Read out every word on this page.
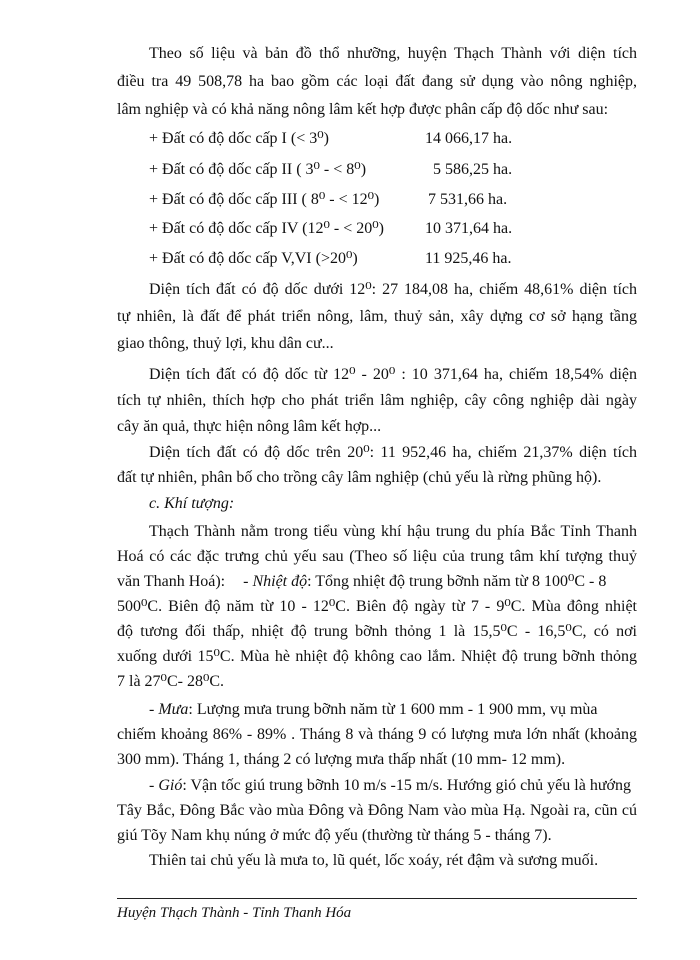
Theo số liệu và bản đồ thổ nhưỡng, huyện Thạch Thành với diện tích
điều tra 49 508,78 ha bao gồm các loại đất đang sử dụng vào nông nghiệp,
lâm nghiệp và có khả năng nông lâm kết hợp được phân cấp độ dốc như sau:
+ Đất có độ dốc cấp I (< 3⁰)	14 066,17 ha.
+ Đất có độ dốc cấp II ( 3⁰ - < 8⁰)	5 586,25 ha.
+ Đất có độ dốc cấp III ( 8⁰ - < 12⁰)	7 531,66 ha.
+ Đất có độ dốc cấp IV (12⁰ - < 20⁰)	10 371,64 ha.
+ Đất có độ dốc cấp V,VI (>20⁰)	11 925,46 ha.
Diện tích đất có độ dốc dưới 12⁰: 27 184,08 ha, chiếm 48,61% diện tích
tự nhiên, là đất để phát triển nông, lâm, thuỷ sản, xây dựng cơ sở hạng tầng
giao thông, thuỷ lợi, khu dân cư...
Diện tích đất có độ dốc từ 12⁰ - 20⁰ : 10 371,64 ha, chiếm 18,54% diện
tích tự nhiên, thích hợp cho phát triển lâm nghiệp, cây công nghiệp dài ngày
cây ăn quả, thực hiện nông lâm kết hợp...
Diện tích đất có độ dốc trên 20⁰: 11 952,46 ha, chiếm 21,37% diện tích
đất tự nhiên, phân bố cho trồng cây lâm nghiệp (chủ yếu là rừng phũng hộ).
c. Khí tượng:
Thạch Thành nằm trong tiểu vùng khí hậu trung du phía Bắc Tỉnh Thanh
Hoá có các đặc trưng chủ yếu sau (Theo số liệu của trung tâm khí tượng thuỷ
văn Thanh Hoá): - Nhiệt độ: Tổng nhiệt độ trung bỡnh năm từ 8 100⁰C - 8
500⁰C. Biên độ năm từ 10 - 12⁰C. Biên độ ngày từ 7 - 9⁰C. Mùa đông nhiệt
độ tương đối thấp, nhiệt độ trung bỡnh thỏng 1 là 15,5⁰C - 16,5⁰C, có nơi
xuống dưới 15⁰C. Mùa hè nhiệt độ không cao lắm. Nhiệt độ trung bỡnh thỏng
7 là 27⁰C- 28⁰C.
- Mưa: Lượng mưa trung bỡnh năm từ 1 600 mm - 1 900 mm, vụ mùa
chiếm khoảng 86% - 89% . Tháng 8 và tháng 9 có lượng mưa lớn nhất (khoảng
300 mm). Tháng 1, tháng 2 có lượng mưa thấp nhất (10 mm- 12 mm).
- Gió: Vận tốc giú trung bỡnh 10 m/s -15 m/s. Hướng gió chủ yếu là hướng
Tây Bắc, Đông Bắc vào mùa Đông và Đông Nam vào mùa Hạ. Ngoài ra, cũn cú
giú Tõy Nam khụ núng ở mức độ yếu (thường từ tháng 5 - tháng 7).
Thiên tai chủ yếu là mưa to, lũ quét, lốc xoáy, rét đậm và sương muối.
Huyện Thạch Thành - Tỉnh Thanh Hóa
